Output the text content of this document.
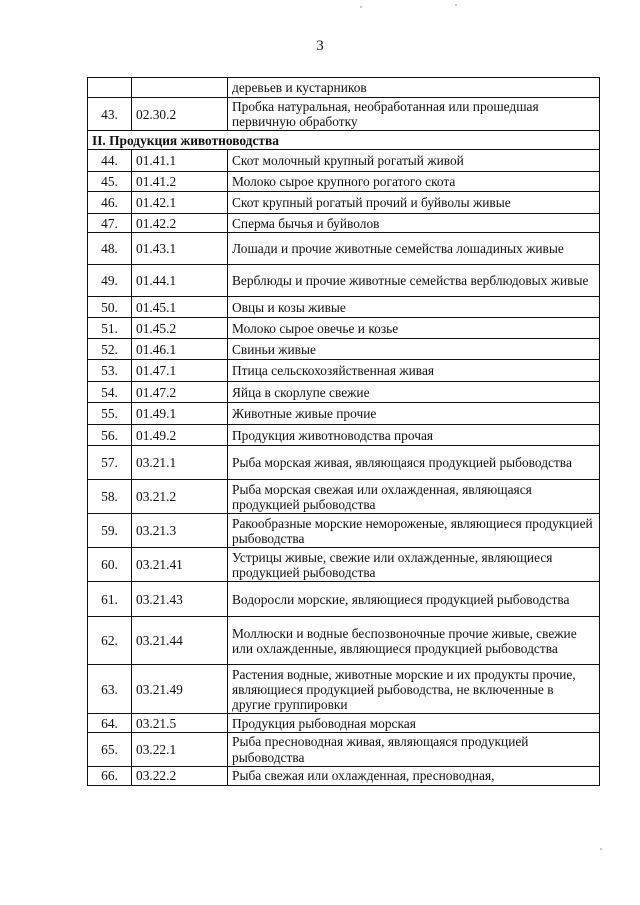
3
		деревьев и кустарников
43.	02.30.2	Пробка натуральная, необработанная или прошедшая первичную обработку
II. Продукция животноводства		
44.	01.41.1	Скот молочный крупный рогатый живой
45.	01.41.2	Молоко сырое крупного рогатого скота
46.	01.42.1	Скот крупный рогатый прочий и буйволы живые
47.	01.42.2	Сперма бычья и буйволов
48.	01.43.1	Лошади и прочие животные семейства лошадиных живые
49.	01.44.1	Верблюды и прочие животные семейства верблюдовых живые
50.	01.45.1	Овцы и козы живые
51.	01.45.2	Молоко сырое овечье и козье
52.	01.46.1	Свиньи живые
53.	01.47.1	Птица сельскохозяйственная живая
54.	01.47.2	Яйца в скорлупе свежие
55.	01.49.1	Животные живые прочие
56.	01.49.2	Продукция животноводства прочая
57.	03.21.1	Рыба морская живая, являющаяся продукцией рыбоводства
58.	03.21.2	Рыба морская свежая или охлажденная, являющаяся продукцией рыбоводства
59.	03.21.3	Ракообразные морские немороженые, являющиеся продукцией рыбоводства
60.	03.21.41	Устрицы живые, свежие или охлажденные, являющиеся продукцией рыбоводства
61.	03.21.43	Водоросли морские, являющиеся продукцией рыбоводства
62.	03.21.44	Моллюски и водные беспозвоночные прочие живые, свежие или охлажденные, являющиеся продукцией рыбоводства
63.	03.21.49	Растения водные, животные морские и их продукты прочие, являющиеся продукцией рыбоводства, не включенные в другие группировки
64.	03.21.5	Продукция рыбоводная морская
65.	03.22.1	Рыба пресноводная живая, являющаяся продукцией рыбоводства
66.	03.22.2	Рыба свежая или охлажденная, пресноводная,
